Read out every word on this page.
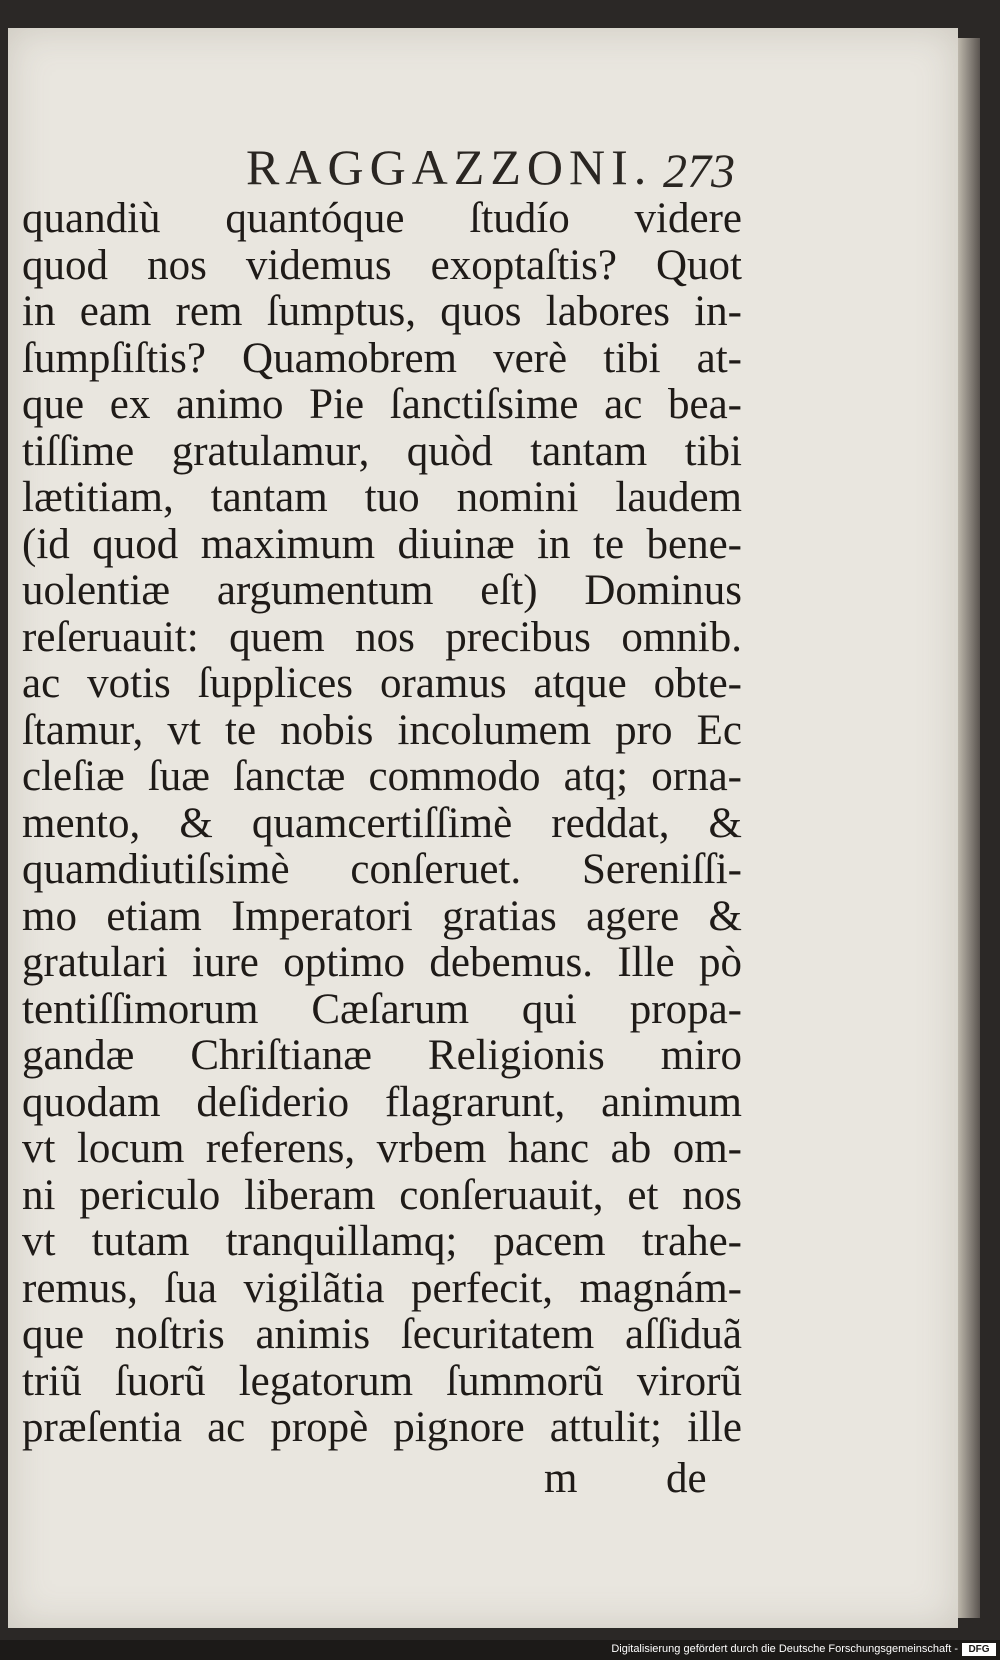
RAGGAZZONI. 273
quandiù quantóque ſtudío videre
quod nos videmus exoptaſtis? Quot
in eam rem ſumptus, quos labores in-
ſumpſiſtis? Quamobrem verè tibi at-
que ex animo Pie ſanctiſsime ac bea-
tiſſime gratulamur, quòd tantam tibi
lætitiam, tantam tuo nomini laudem
(id quod maximum diuinæ in te bene-
uolentiæ argumentum eſt) Dominus
reſeruauit: quem nos precibus omnib.
ac votis ſupplices oramus atque obte-
ſtamur, vt te nobis incolumem pro Ec
cleſiæ ſuæ ſanctæ commodo atq; orna-
mento, & quamcertiſſimè reddat, &
quamdiutiſsimè conſeruet. Sereniſſi-
mo etiam Imperatori gratias agere &
gratulari iure optimo debemus. Ille pò
tentiſſimorum Cæſarum qui propa-
gandæ Chriſtianæ Religionis miro
quodam deſiderio flagrarunt, animum
vt locum referens, vrbem hanc ab om-
ni periculo liberam conſeruauit, et nos
vt tutam tranquillamq; pacem trahe-
remus, ſua vigilãtia perfecit, magnám-
que noſtris animis ſecuritatem aſſiduã
triũ ſuorũ legatorum ſummorũ virorũ
præſentia ac propè pignore attulit; ille
m de
Digitalisierung gefördert durch die Deutsche Forschungsgemeinschaft -	DFG
